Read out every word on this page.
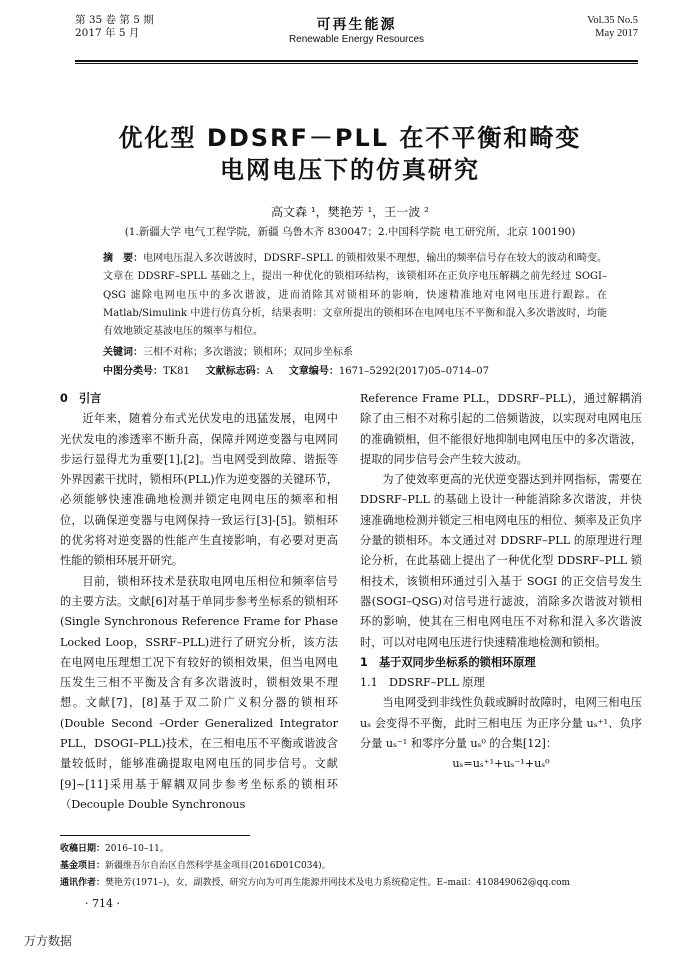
第 35 卷 第 5 期
2017 年 5 月	可再生能源
Renewable Energy Resources
Vol.35 No.5
May 2017
优化型 DDSRF－PLL 在不平衡和畸变
电网电压下的仿真研究
高文森 ¹，樊艳芳 ¹，王一波 ²
(1.新疆大学 电气工程学院，新疆 乌鲁木齐 830047；2.中国科学院 电工研究所，北京 100190)
摘　要：电网电压混入多次谐波时，DDSRF–SPLL 的锁相效果不理想，输出的频率信号存在较大的波动和畸变。文章在 DDSRF–SPLL 基础之上，提出一种优化的锁相环结构，该锁相环在正负序电压解耦之前先经过 SOGI–QSG 滤除电网电压中的多次谐波，进而消除其对锁相环的影响，快速精准地对电网电压进行跟踪。在 Matlab/Simulink 中进行仿真分析，结果表明：文章所提出的锁相环在电网电压不平衡和混入多次谐波时，均能有效地锁定基波电压的频率与相位。
关键词：三相不对称；多次谐波；锁相环；双同步坐标系
中图分类号：TK81 文献标志码：A 文章编号：1671–5292(2017)05–0714–07
0　引言

近年来，随着分布式光伏发电的迅猛发展，电网中光伏发电的渗透率不断升高，保障并网逆变器与电网同步运行显得尤为重要[1],[2]。当电网受到故障、谐振等外界因素干扰时，锁相环(PLL)作为逆变器的关键环节，必须能够快速准确地检测并锁定电网电压的频率和相位，以确保逆变器与电网保持一致运行[3]-[5]。锁相环的优劣将对逆变器的性能产生直接影响，有必要对更高性能的锁相环展开研究。

目前，锁相环技术是获取电网电压相位和频率信号的主要方法。文献[6]对基于单同步参考坐标系的锁相环(Single Synchronous Reference Frame for Phase Locked Loop，SSRF–PLL)进行了研究分析，该方法在电网电压理想工况下有较好的锁相效果，但当电网电压发生三相不平衡及含有多次谐波时，锁相效果不理想。文献[7]，[8]基于双二阶广义积分器的锁相环(Double Second –Order Generalized Integrator PLL，DSOGI–PLL)技术，在三相电压不平衡或谐波含量较低时，能够准确提取电网电压的同步信号。文献[9]~[11]采用基于解耦双同步参考坐标系的锁相环（Decouple Double Synchronous

Reference Frame PLL，DDSRF–PLL)，通过解耦消除了由三相不对称引起的二倍频谐波，以实现对电网电压的准确锁相，但不能很好地抑制电网电压中的多次谐波，提取的同步信号会产生较大波动。

为了使效率更高的光伏逆变器达到并网指标，需要在 DDSRF–PLL 的基础上设计一种能消除多次谐波，并快速准确地检测并锁定三相电网电压的相位、频率及正负序分量的锁相环。本文通过对 DDSRF–PLL 的原理进行理论分析，在此基础上提出了一种优化型 DDSRF–PLL 锁相技术，该锁相环通过引入基于 SOGI 的正交信号发生器(SOGI–QSG)对信号进行滤波，消除多次谐波对锁相环的影响，使其在三相电网电压不对称和混入多次谐波时，可以对电网电压进行快速精准地检测和锁相。

1　基于双同步坐标系的锁相环原理
1.1　DDSRF–PLL 原理

当电网受到非线性负载或瞬时故障时，电网三相电压 uₛ 会变得不平衡，此时三相电压 为正序分量 uₛ⁺¹、负序分量 uₛ⁻¹ 和零序分量 uₛ⁰ 的合集[12]：

uₛ=uₛ⁺¹+uₛ⁻¹+uₛ⁰
收稿日期：2016–10–11。
基金项目：新疆维吾尔自治区自然科学基金项目(2016D01C034)。
通讯作者：樊艳芳(1971–)，女，副教授，研究方向为可再生能源并网技术及电力系统稳定性。E–mail：410849062@qq.com
· 714 ·
万方数据
